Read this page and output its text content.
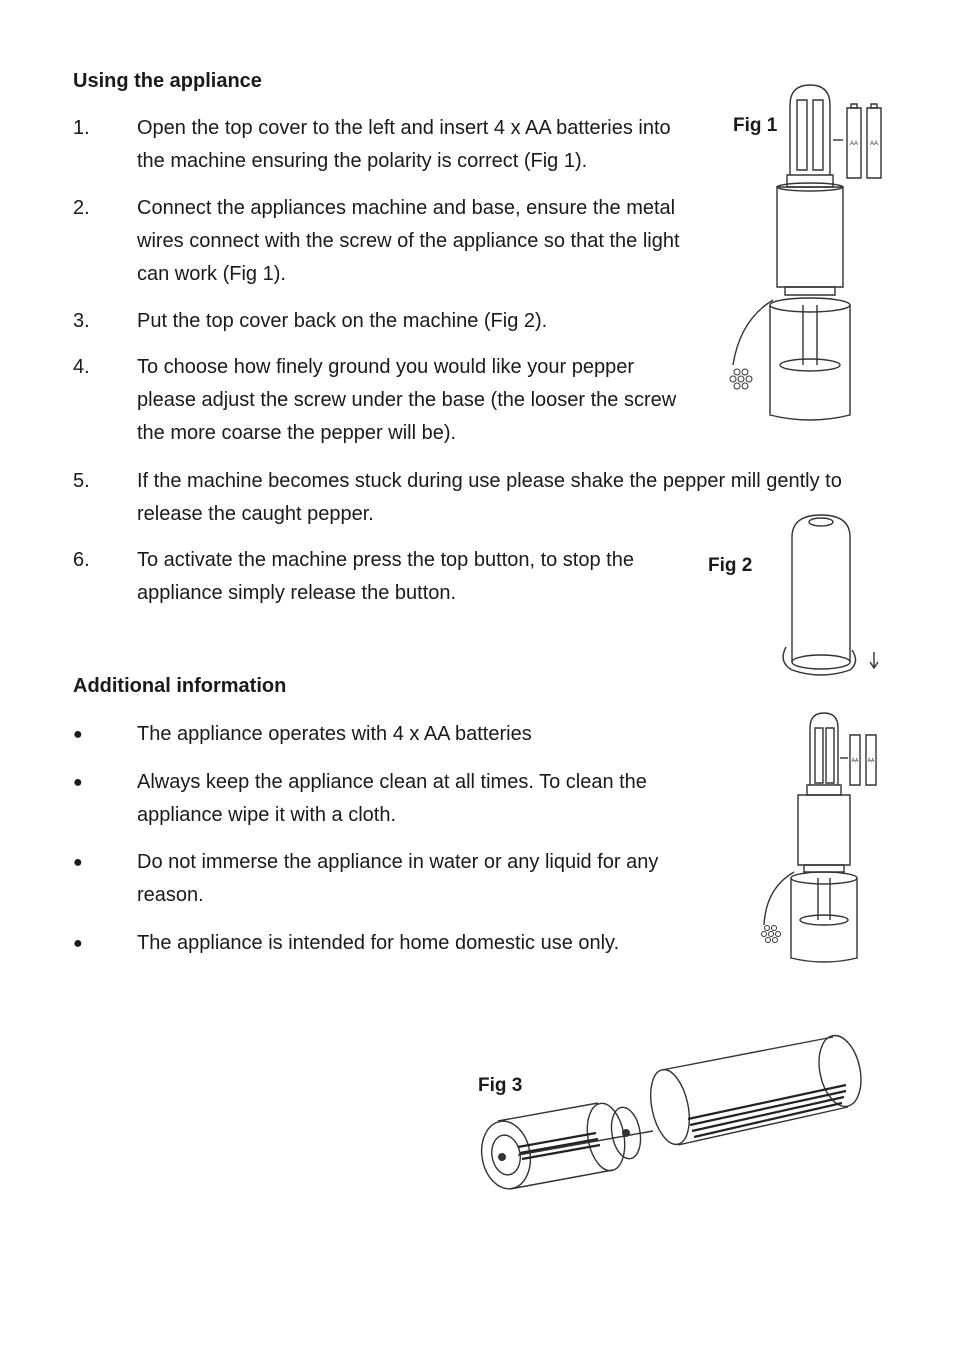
Using the appliance
1.	Open the top cover to the left and insert 4 x AA batteries into
the machine ensuring the polarity is correct (Fig 1).
2.	Connect the appliances machine and base, ensure the metal
wires connect with the screw of the appliance so that the light
can work (Fig 1).
3.	Put the top cover back on the machine (Fig 2).
4.	To choose how finely ground you would like your pepper
please adjust the screw under the base (the looser the screw
the more coarse the pepper will be).
5.	If the machine becomes stuck during use please shake the pepper mill gently to
release the caught pepper.
6.	To activate the machine press the top button, to stop the
appliance simply release the button.
Additional information
●	The appliance operates with 4 x AA batteries
●	Always keep the appliance clean at all times. To clean the
appliance wipe it with a cloth.
●	Do not immerse the appliance in water or any liquid for any
reason.
●	The appliance is intended for home domestic use only.
Fig 1
Fig 2
Fig 3
AA AA
AA AA
